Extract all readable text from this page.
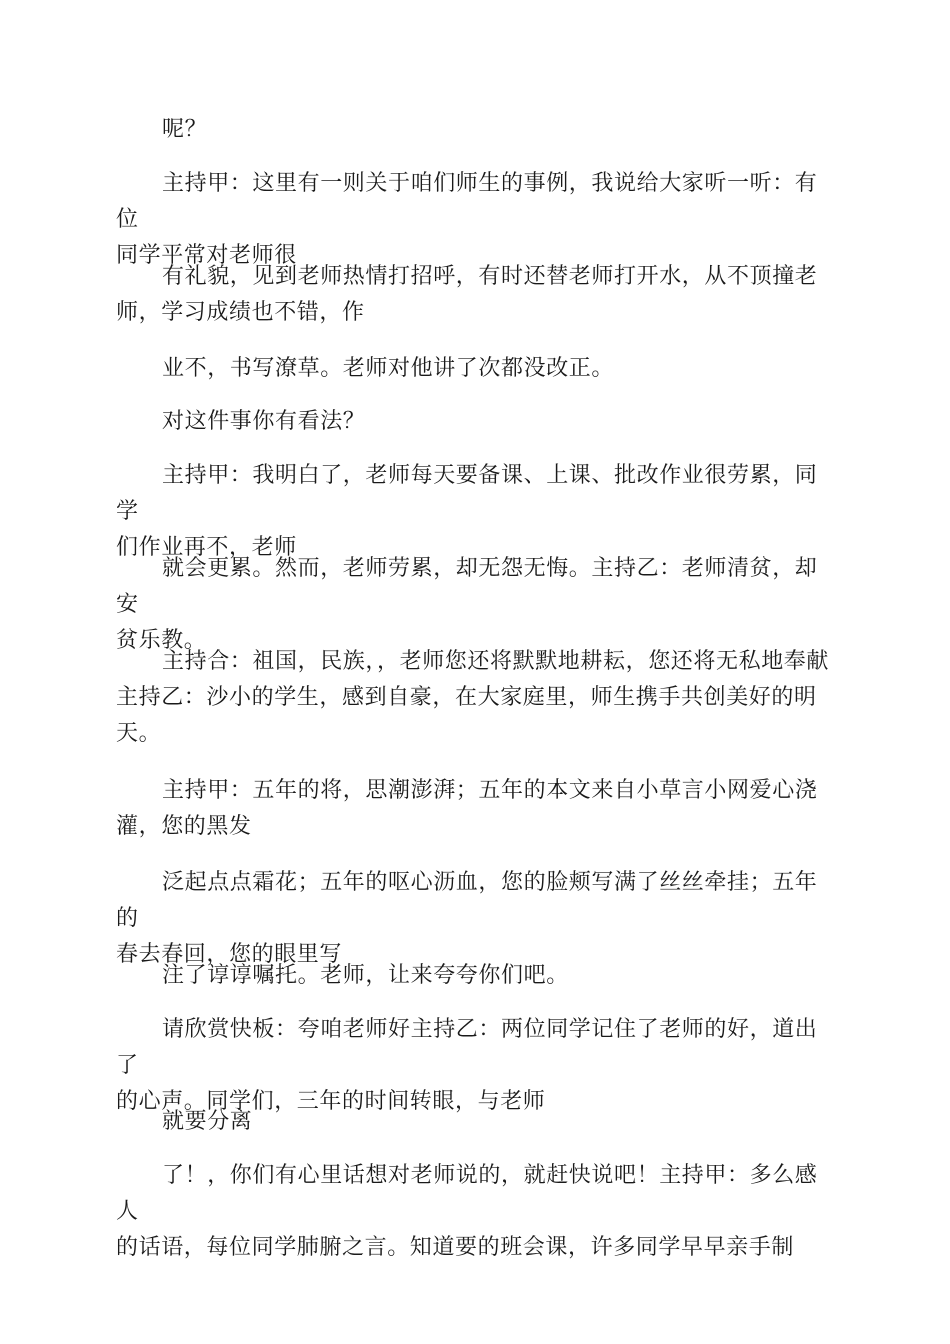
呢？

主持甲：这里有一则关于咱们师生的事例，我说给大家听一听：有位
同学平常对老师很

有礼貌，见到老师热情打招呼，有时还替老师打开水，从不顶撞老
师，学习成绩也不错，作

业不，书写潦草。老师对他讲了次都没改正。

对这件事你有看法？

主持甲：我明白了，老师每天要备课、上课、批改作业很劳累，同学
们作业再不，老师

就会更累。然而，老师劳累，却无怨无悔。主持乙：老师清贫，却安
贫乐教。

主持合：祖国，民族，，老师您还将默默地耕耘，您还将无私地奉献
主持乙：沙小的学生，感到自豪，在大家庭里，师生携手共创美好的明
天。

主持甲：五年的将，思潮澎湃；五年的本文来自小草言小网爱心浇
灌，您的黑发

泛起点点霜花；五年的呕心沥血，您的脸颊写满了丝丝牵挂；五年的
春去春回，您的眼里写

注了谆谆嘱托。老师，让来夸夸你们吧。

请欣赏快板：夸咱老师好主持乙：两位同学记住了老师的好，道出了
的心声。同学们，三年的时间转眼，与老师

就要分离

了！，你们有心里话想对老师说的，就赶快说吧！主持甲：多么感人
的话语，每位同学肺腑之言。知道要的班会课，许多同学早早亲手制
